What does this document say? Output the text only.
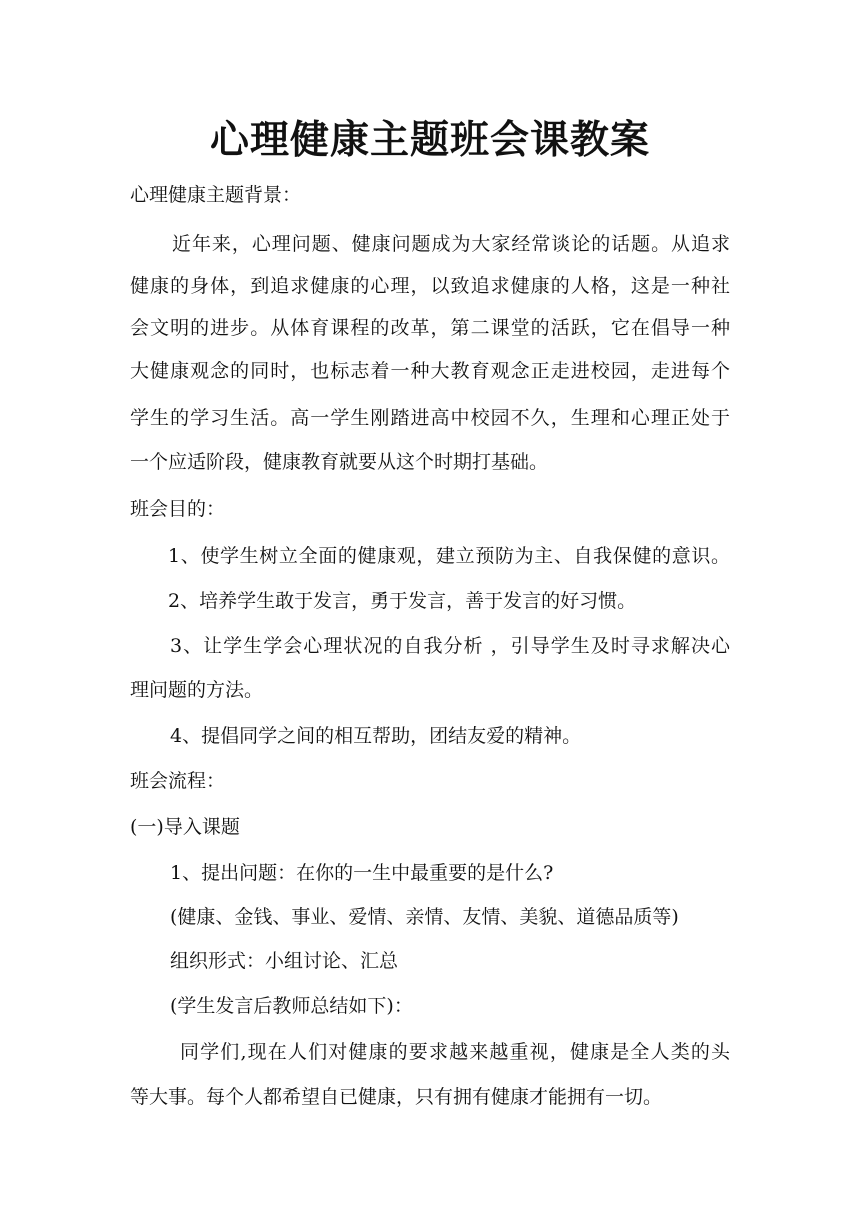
心理健康主题班会课教案

心理健康主题背景：

近年来，心理问题、健康问题成为大家经常谈论的话题。从追求

健康的身体，到追求健康的心理，以致追求健康的人格，这是一种社

会文明的进步。从体育课程的改革，第二课堂的活跃，它在倡导一种

大健康观念的同时，也标志着一种大教育观念正走进校园，走进每个

学生的学习生活。高一学生刚踏进高中校园不久，生理和心理正处于

一个应适阶段，健康教育就要从这个时期打基础。

班会目的：

1、使学生树立全面的健康观，建立预防为主、自我保健的意识。

2、培养学生敢于发言，勇于发言，善于发言的好习惯。

3、让学生学会心理状况的自我分析 ，引导学生及时寻求解决心

理问题的方法。

4、提倡同学之间的相互帮助，团结友爱的精神。

班会流程：

(一)导入课题

1、提出问题：在你的一生中最重要的是什么?

(健康、金钱、事业、爱情、亲情、友情、美貌、道德品质等)

组织形式：小组讨论、汇总

(学生发言后教师总结如下)：

同学们,现在人们对健康的要求越来越重视，健康是全人类的头

等大事。每个人都希望自已健康，只有拥有健康才能拥有一切。
